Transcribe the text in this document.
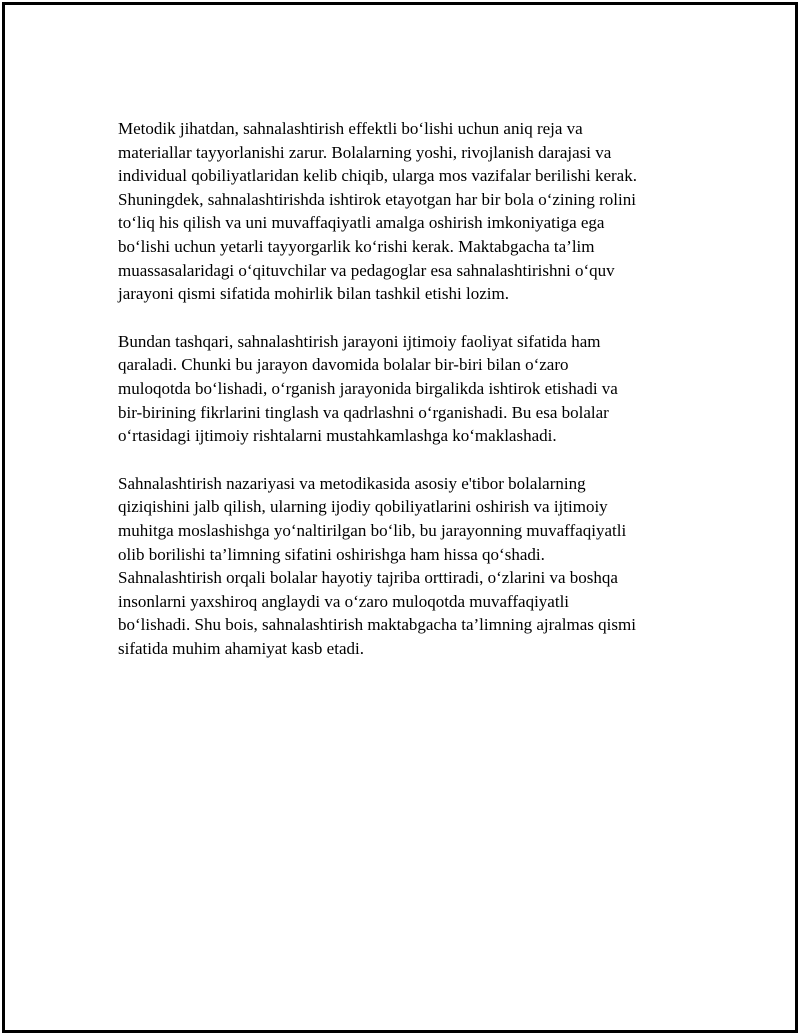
Metodik jihatdan, sahnalashtirish effektli bo‘lishi uchun aniq reja va
materiallar tayyorlanishi zarur. Bolalarning yoshi, rivojlanish darajasi va
individual qobiliyatlaridan kelib chiqib, ularga mos vazifalar berilishi kerak.
Shuningdek, sahnalashtirishda ishtirok etayotgan har bir bola o‘zining rolini
to‘liq his qilish va uni muvaffaqiyatli amalga oshirish imkoniyatiga ega
bo‘lishi uchun yetarli tayyorgarlik ko‘rishi kerak. Maktabgacha ta’lim
muassasalaridagi o‘qituvchilar va pedagoglar esa sahnalashtirishni o‘quv
jarayoni qismi sifatida mohirlik bilan tashkil etishi lozim.

Bundan tashqari, sahnalashtirish jarayoni ijtimoiy faoliyat sifatida ham
qaraladi. Chunki bu jarayon davomida bolalar bir-biri bilan o‘zaro
muloqotda bo‘lishadi, o‘rganish jarayonida birgalikda ishtirok etishadi va
bir-birining fikrlarini tinglash va qadrlashni o‘rganishadi. Bu esa bolalar
o‘rtasidagi ijtimoiy rishtalarni mustahkamlashga ko‘maklashadi.

Sahnalashtirish nazariyasi va metodikasida asosiy e'tibor bolalarning
qiziqishini jalb qilish, ularning ijodiy qobiliyatlarini oshirish va ijtimoiy
muhitga moslashishga yo‘naltirilgan bo‘lib, bu jarayonning muvaffaqiyatli
olib borilishi ta’limning sifatini oshirishga ham hissa qo‘shadi.
Sahnalashtirish orqali bolalar hayotiy tajriba orttiradi, o‘zlarini va boshqa
insonlarni yaxshiroq anglaydi va o‘zaro muloqotda muvaffaqiyatli
bo‘lishadi. Shu bois, sahnalashtirish maktabgacha ta’limning ajralmas qismi
sifatida muhim ahamiyat kasb etadi.
